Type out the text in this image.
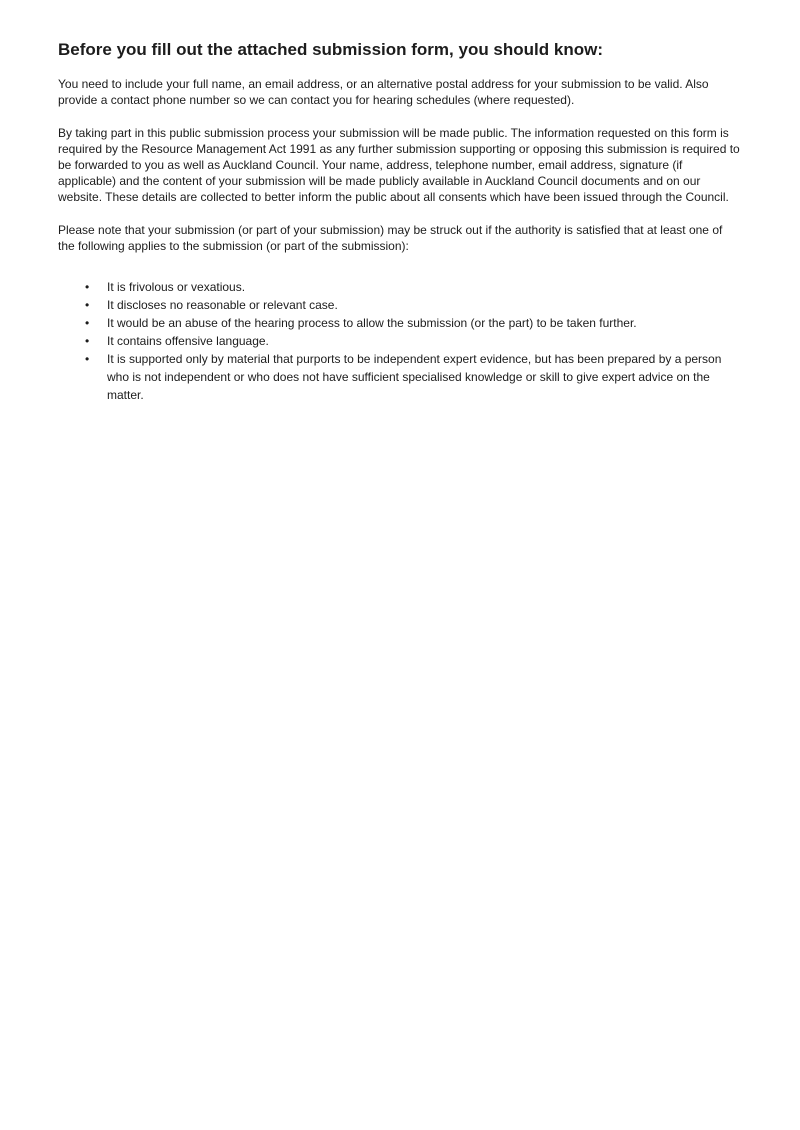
Before you fill out the attached submission form, you should know:

You need to include your full name, an email address, or an alternative postal address for your submission to be valid. Also provide a contact phone number so we can contact you for hearing schedules (where requested).

By taking part in this public submission process your submission will be made public. The information requested on this form is required by the Resource Management Act 1991 as any further submission supporting or opposing this submission is required to be forwarded to you as well as Auckland Council. Your name, address, telephone number, email address, signature (if applicable) and the content of your submission will be made publicly available in Auckland Council documents and on our website. These details are collected to better inform the public about all consents which have been issued through the Council.

Please note that your submission (or part of your submission) may be struck out if the authority is satisfied that at least one of the following applies to the submission (or part of the submission):

• It is frivolous or vexatious.
• It discloses no reasonable or relevant case.
• It would be an abuse of the hearing process to allow the submission (or the part) to be taken further.
• It contains offensive language.
• It is supported only by material that purports to be independent expert evidence, but has been prepared by a person who is not independent or who does not have sufficient specialised knowledge or skill to give expert advice on the matter.
